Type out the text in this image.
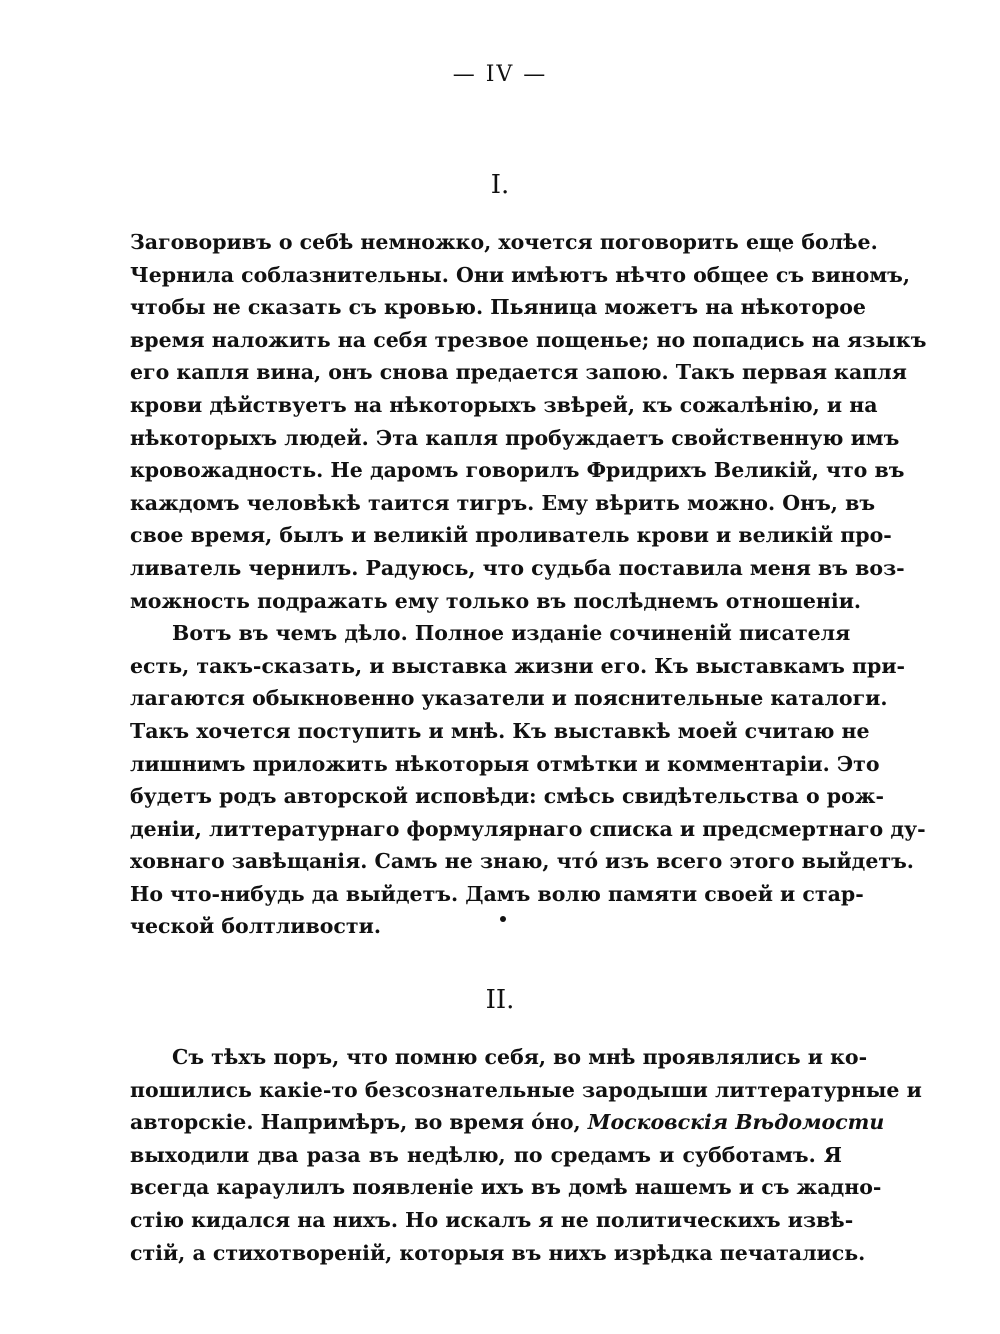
— IV —
I.
Заговоривъ о себѣ немножко, хочется поговорить еще болѣе.
Чернила соблазнительны. Они имѣютъ нѣчто общее съ виномъ,
чтобы не сказать съ кровью. Пьяница можетъ на нѣкоторое
время наложить на себя трезвое пощенье; но попадись на языкъ
его капля вина, онъ снова предается запою. Такъ первая капля
крови дѣйствуетъ на нѣкоторыхъ звѣрей, къ сожалѣнію, и на
нѣкоторыхъ людей. Эта капля пробуждаетъ свойственную имъ
кровожадность. Не даромъ говорилъ Фридрихъ Великій, что въ
каждомъ человѣкѣ таится тигръ. Ему вѣрить можно. Онъ, въ
свое время, былъ и великій проливатель крови и великій про-
ливатель чернилъ. Радуюсь, что судьба поставила меня въ воз-
можность подражать ему только въ послѣднемъ отношеніи.
Вотъ въ чемъ дѣло. Полное изданіе сочиненій писателя
есть, такъ-сказать, и выставка жизни его. Къ выставкамъ при-
лагаются обыкновенно указатели и пояснительные каталоги.
Такъ хочется поступить и мнѣ. Къ выставкѣ моей считаю не
лишнимъ приложить нѣкоторыя отмѣтки и комментаріи. Это
будетъ родъ авторской исповѣди: смѣсь свидѣтельства о рож-
деніи, литтературнаго формулярнаго списка и предсмертнаго ду-
ховнаго завѣщанія. Самъ не знаю, чтó изъ всего этого выйдетъ.
Но что-нибудь да выйдетъ. Дамъ волю памяти своей и стар-
ческой болтливости.
II.
Съ тѣхъ поръ, что помню себя, во мнѣ проявлялись и ко-
пошились какіе-то безсознательные зародыши литтературные и
авторскіе. Напримѣръ, во время óно, Московскія Вѣдомости
выходили два раза въ недѣлю, по средамъ и субботамъ. Я
всегда караулилъ появленіе ихъ въ домѣ нашемъ и съ жадно-
стію кидался на нихъ. Но искалъ я не политическихъ извѣ-
стій, а стихотвореній, которыя въ нихъ изрѣдка печатались.
